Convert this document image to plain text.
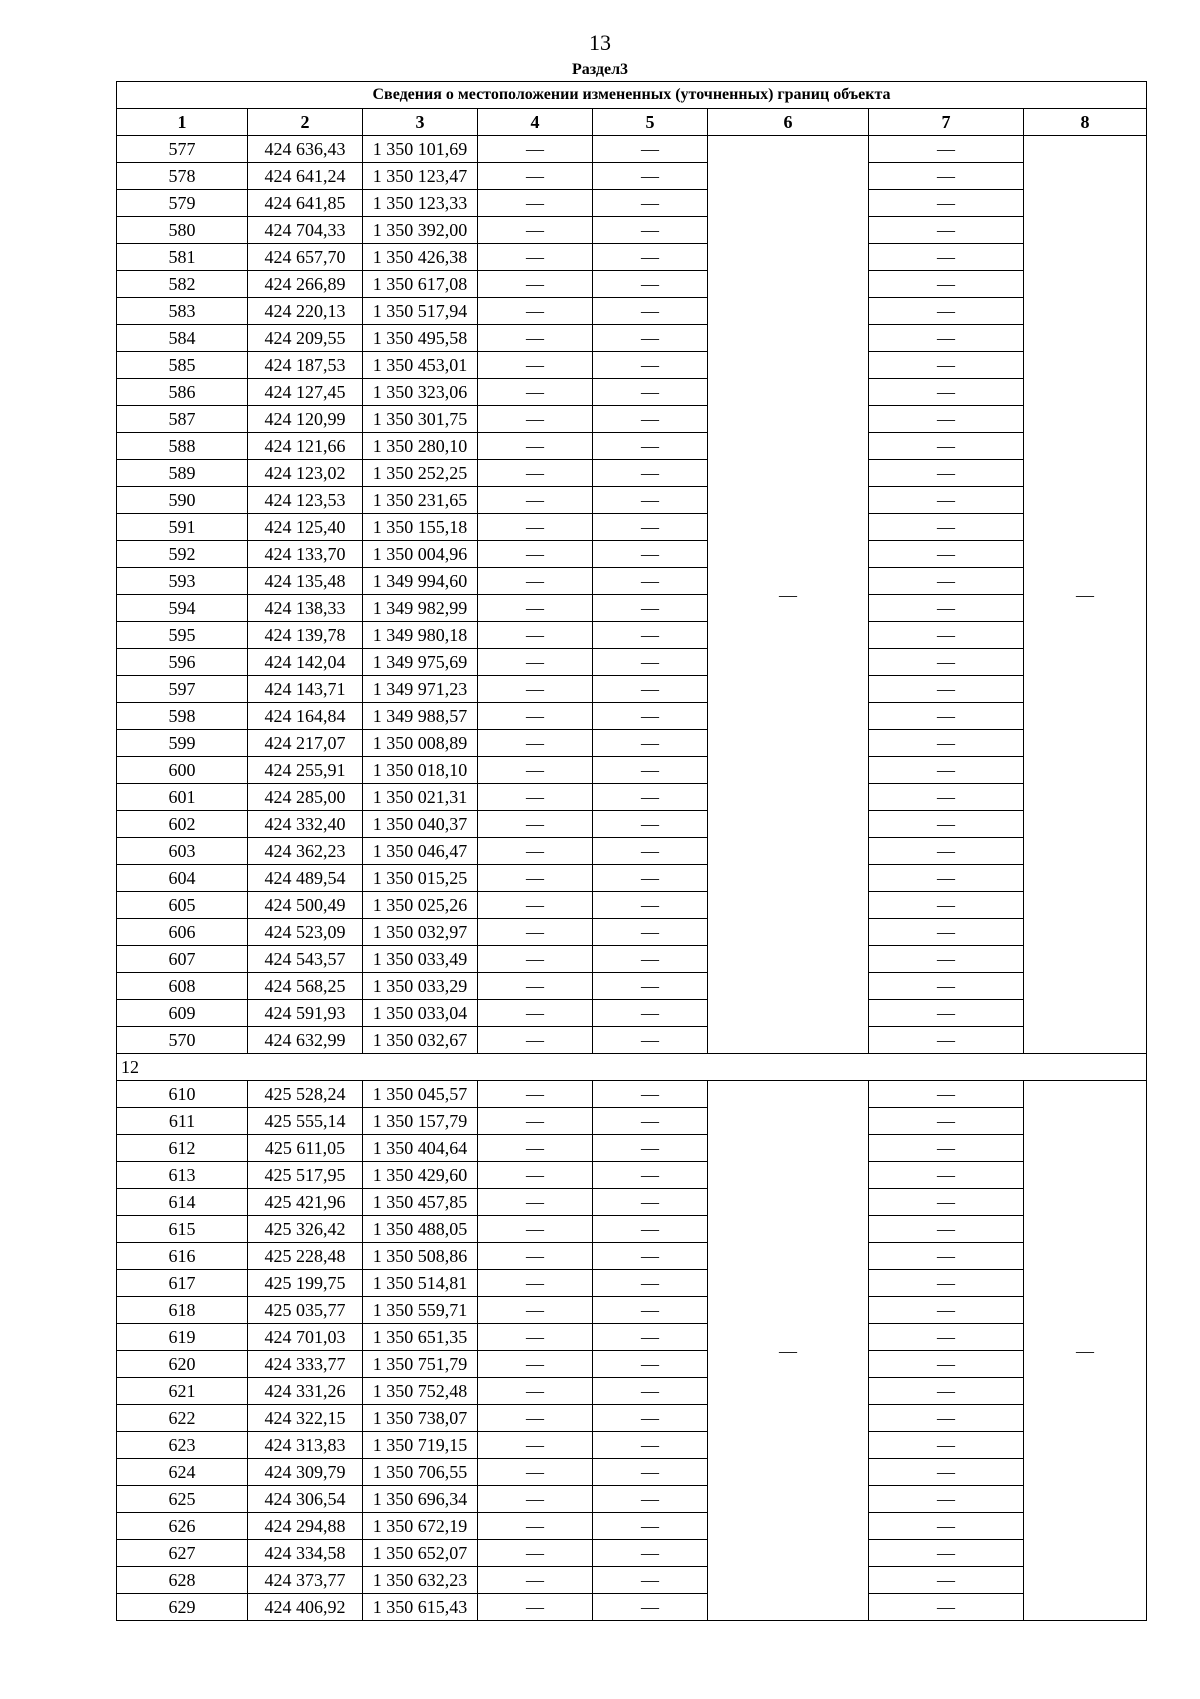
13
Раздел3
Сведения о местоположении измененных (уточненных) границ объекта							
1	2	3	4	5	6	7	8
577	424 636,43	1 350 101,69	—	—	—	—	—
578	424 641,24	1 350 123,47	—	—		—	
579	424 641,85	1 350 123,33	—	—		—	
580	424 704,33	1 350 392,00	—	—		—	
581	424 657,70	1 350 426,38	—	—		—	
582	424 266,89	1 350 617,08	—	—		—	
583	424 220,13	1 350 517,94	—	—		—	
584	424 209,55	1 350 495,58	—	—		—	
585	424 187,53	1 350 453,01	—	—		—	
586	424 127,45	1 350 323,06	—	—		—	
587	424 120,99	1 350 301,75	—	—		—	
588	424 121,66	1 350 280,10	—	—		—	
589	424 123,02	1 350 252,25	—	—		—	
590	424 123,53	1 350 231,65	—	—		—	
591	424 125,40	1 350 155,18	—	—		—	
592	424 133,70	1 350 004,96	—	—		—	
593	424 135,48	1 349 994,60	—	—		—	
594	424 138,33	1 349 982,99	—	—		—	
595	424 139,78	1 349 980,18	—	—		—	
596	424 142,04	1 349 975,69	—	—		—	
597	424 143,71	1 349 971,23	—	—		—	
598	424 164,84	1 349 988,57	—	—		—	
599	424 217,07	1 350 008,89	—	—		—	
600	424 255,91	1 350 018,10	—	—		—	
601	424 285,00	1 350 021,31	—	—		—	
602	424 332,40	1 350 040,37	—	—		—	
603	424 362,23	1 350 046,47	—	—		—	
604	424 489,54	1 350 015,25	—	—		—	
605	424 500,49	1 350 025,26	—	—		—	
606	424 523,09	1 350 032,97	—	—		—	
607	424 543,57	1 350 033,49	—	—		—	
608	424 568,25	1 350 033,29	—	—		—	
609	424 591,93	1 350 033,04	—	—		—	
570	424 632,99	1 350 032,67	—	—		—	
12							
610	425 528,24	1 350 045,57	—	—	—	—	—
611	425 555,14	1 350 157,79	—	—		—	
612	425 611,05	1 350 404,64	—	—		—	
613	425 517,95	1 350 429,60	—	—		—	
614	425 421,96	1 350 457,85	—	—		—	
615	425 326,42	1 350 488,05	—	—		—	
616	425 228,48	1 350 508,86	—	—		—	
617	425 199,75	1 350 514,81	—	—		—	
618	425 035,77	1 350 559,71	—	—		—	
619	424 701,03	1 350 651,35	—	—		—	
620	424 333,77	1 350 751,79	—	—		—	
621	424 331,26	1 350 752,48	—	—		—	
622	424 322,15	1 350 738,07	—	—		—	
623	424 313,83	1 350 719,15	—	—		—	
624	424 309,79	1 350 706,55	—	—		—	
625	424 306,54	1 350 696,34	—	—		—	
626	424 294,88	1 350 672,19	—	—		—	
627	424 334,58	1 350 652,07	—	—		—	
628	424 373,77	1 350 632,23	—	—		—	
629	424 406,92	1 350 615,43	—	—		—	
